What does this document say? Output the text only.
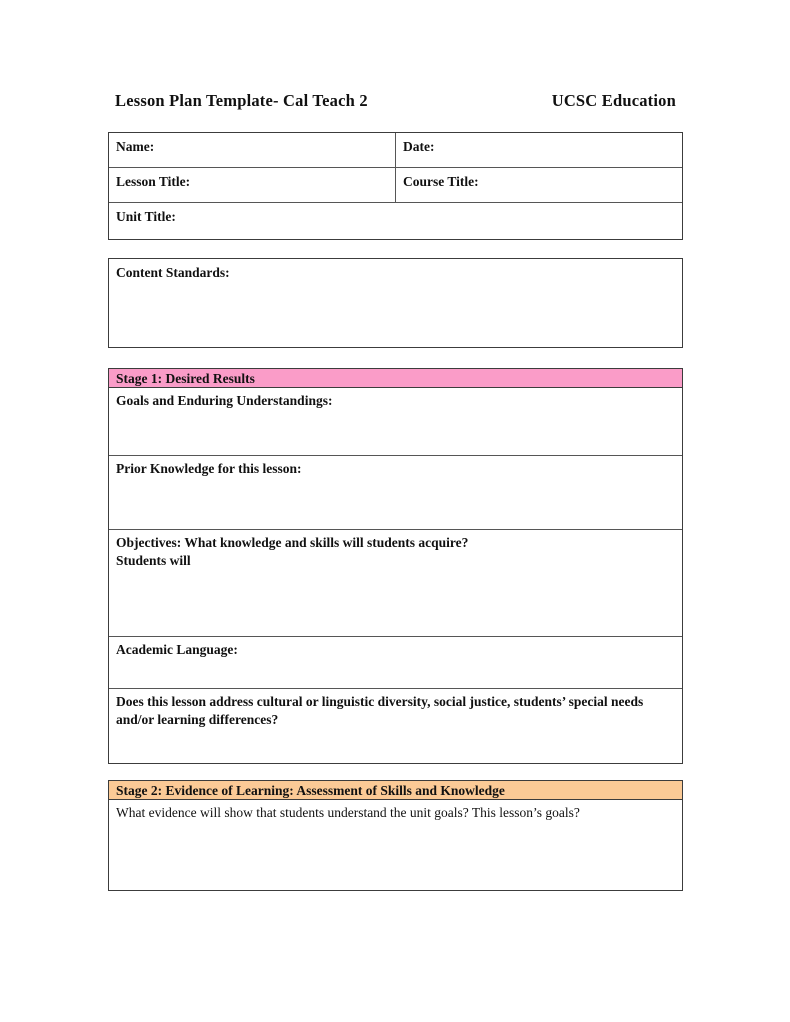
Lesson Plan Template- Cal Teach 2	UCSC Education
Name:	Date:
Lesson Title:	Course Title:
Unit Title:
Content Standards:
Stage 1: Desired Results
Goals and Enduring Understandings:
Prior Knowledge for this lesson:
Objectives: What knowledge and skills will students acquire?
Students will
Academic Language:
Does this lesson address cultural or linguistic diversity, social justice, students’ special needs and/or learning differences?
Stage 2: Evidence of Learning: Assessment of Skills and Knowledge
What evidence will show that students understand the unit goals? This lesson’s goals?
